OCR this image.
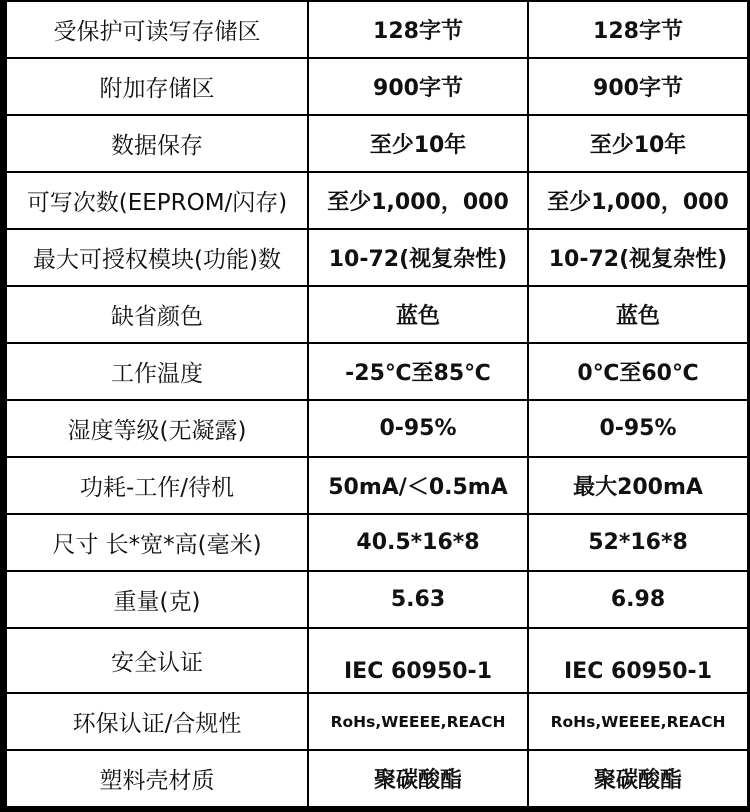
受保护可读写存储区	128字节	128字节
附加存储区	900字节	900字节
数据保存	至少10年	至少10年
可写次数(EEPROM/闪存)	至少1,000，000	至少1,000，000
最大可授权模块(功能)数	10-72(视复杂性)	10-72(视复杂性)
缺省颜色	蓝色	蓝色
工作温度	-25℃至85℃	0℃至60℃
湿度等级(无凝露)	0-95%	0-95%
功耗-工作/待机	50mA/＜0.5mA	最大200mA
尺寸 长*宽*高(毫米)	40.5*16*8	52*16*8
重量(克)	5.63	6.98
安全认证	IEC 60950-1	IEC 60950-1
环保认证/合规性	RoHs,WEEEE,REACH	RoHs,WEEEE,REACH
塑料壳材质	聚碳酸酯	聚碳酸酯
